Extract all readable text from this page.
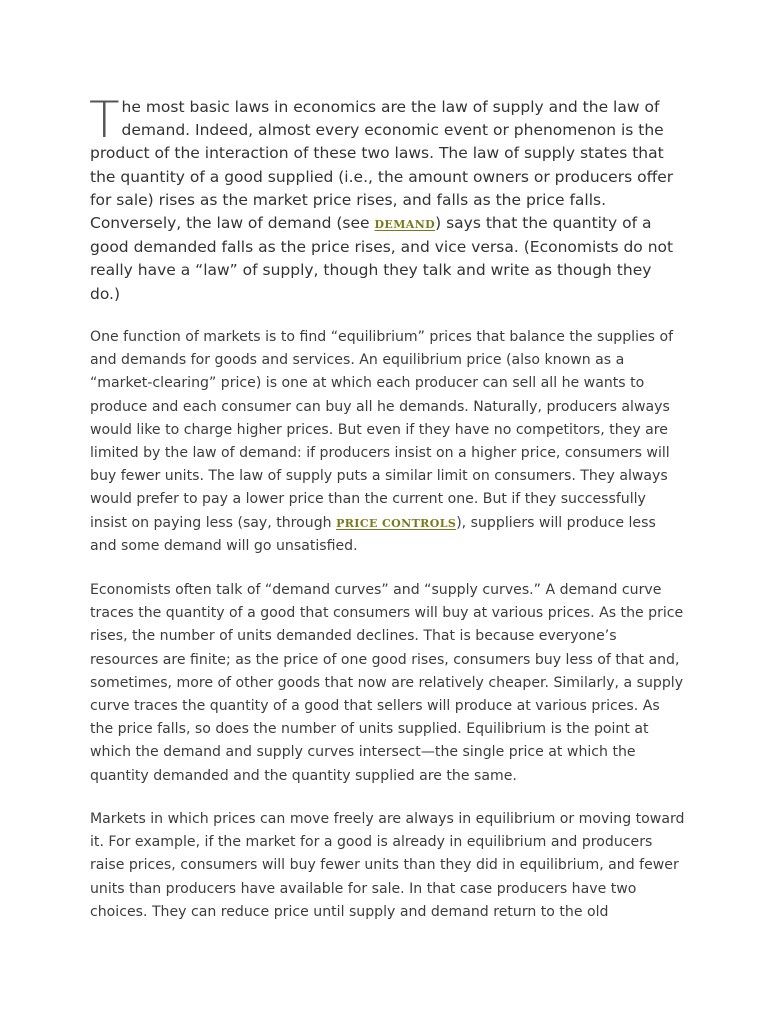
The most basic laws in economics are the law of supply and the law of demand. Indeed, almost every economic event or phenomenon is the product of the interaction of these two laws. The law of supply states that the quantity of a good supplied (i.e., the amount owners or producers offer for sale) rises as the market price rises, and falls as the price falls. Conversely, the law of demand (see DEMAND) says that the quantity of a good demanded falls as the price rises, and vice versa. (Economists do not really have a “law” of supply, though they talk and write as though they do.)

One function of markets is to find “equilibrium” prices that balance the supplies of and demands for goods and services. An equilibrium price (also known as a “market-clearing” price) is one at which each producer can sell all he wants to produce and each consumer can buy all he demands. Naturally, producers always would like to charge higher prices. But even if they have no competitors, they are limited by the law of demand: if producers insist on a higher price, consumers will buy fewer units. The law of supply puts a similar limit on consumers. They always would prefer to pay a lower price than the current one. But if they successfully insist on paying less (say, through PRICE CONTROLS), suppliers will produce less and some demand will go unsatisfied.

Economists often talk of “demand curves” and “supply curves.” A demand curve traces the quantity of a good that consumers will buy at various prices. As the price rises, the number of units demanded declines. That is because everyone’s resources are finite; as the price of one good rises, consumers buy less of that and, sometimes, more of other goods that now are relatively cheaper. Similarly, a supply curve traces the quantity of a good that sellers will produce at various prices. As the price falls, so does the number of units supplied. Equilibrium is the point at which the demand and supply curves intersect—the single price at which the quantity demanded and the quantity supplied are the same.

Markets in which prices can move freely are always in equilibrium or moving toward it. For example, if the market for a good is already in equilibrium and producers raise prices, consumers will buy fewer units than they did in equilibrium, and fewer units than producers have available for sale. In that case producers have two choices. They can reduce price until supply and demand return to the old
